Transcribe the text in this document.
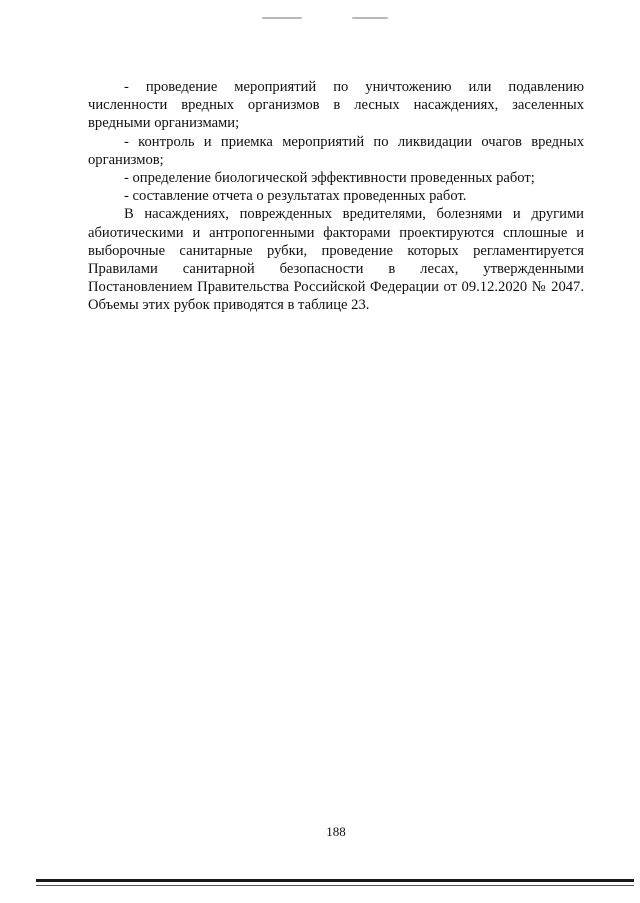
- проведение мероприятий по уничтожению или подавлению численности вредных организмов в лесных насаждениях, заселенных вредными организмами;

- контроль и приемка мероприятий по ликвидации очагов вредных организмов;

- определение биологической эффективности проведенных работ;

- составление отчета о результатах проведенных работ.

В насаждениях, поврежденных вредителями, болезнями и другими абиотическими и антропогенными факторами проектируются сплошные и выборочные санитарные рубки, проведение которых регламентируется Правилами санитарной безопасности в лесах, утвержденными Постановлением Правительства Российской Федерации от 09.12.2020 № 2047. Объемы этих рубок приводятся в таблице 23.

188
